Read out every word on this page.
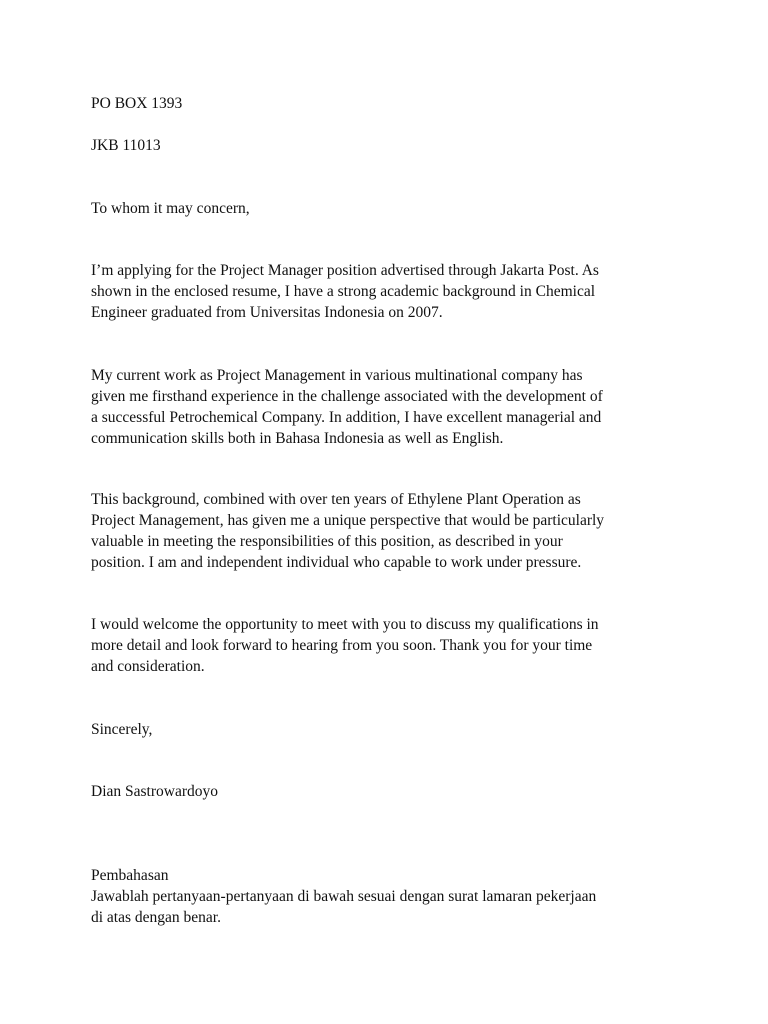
PO BOX 1393

JKB 11013

To whom it may concern,

I’m applying for the Project Manager position advertised through Jakarta Post. As
shown in the enclosed resume, I have a strong academic background in Chemical
Engineer graduated from Universitas Indonesia on 2007.

My current work as Project Management in various multinational company has
given me firsthand experience in the challenge associated with the development of
a successful Petrochemical Company. In addition, I have excellent managerial and
communication skills both in Bahasa Indonesia as well as English.

This background, combined with over ten years of Ethylene Plant Operation as
Project Management, has given me a unique perspective that would be particularly
valuable in meeting the responsibilities of this position, as described in your
position. I am and independent individual who capable to work under pressure.

I would welcome the opportunity to meet with you to discuss my qualifications in
more detail and look forward to hearing from you soon. Thank you for your time
and consideration.

Sincerely,

Dian Sastrowardoyo

Pembahasan

Jawablah pertanyaan-pertanyaan di bawah sesuai dengan surat lamaran pekerjaan
di atas dengan benar.
